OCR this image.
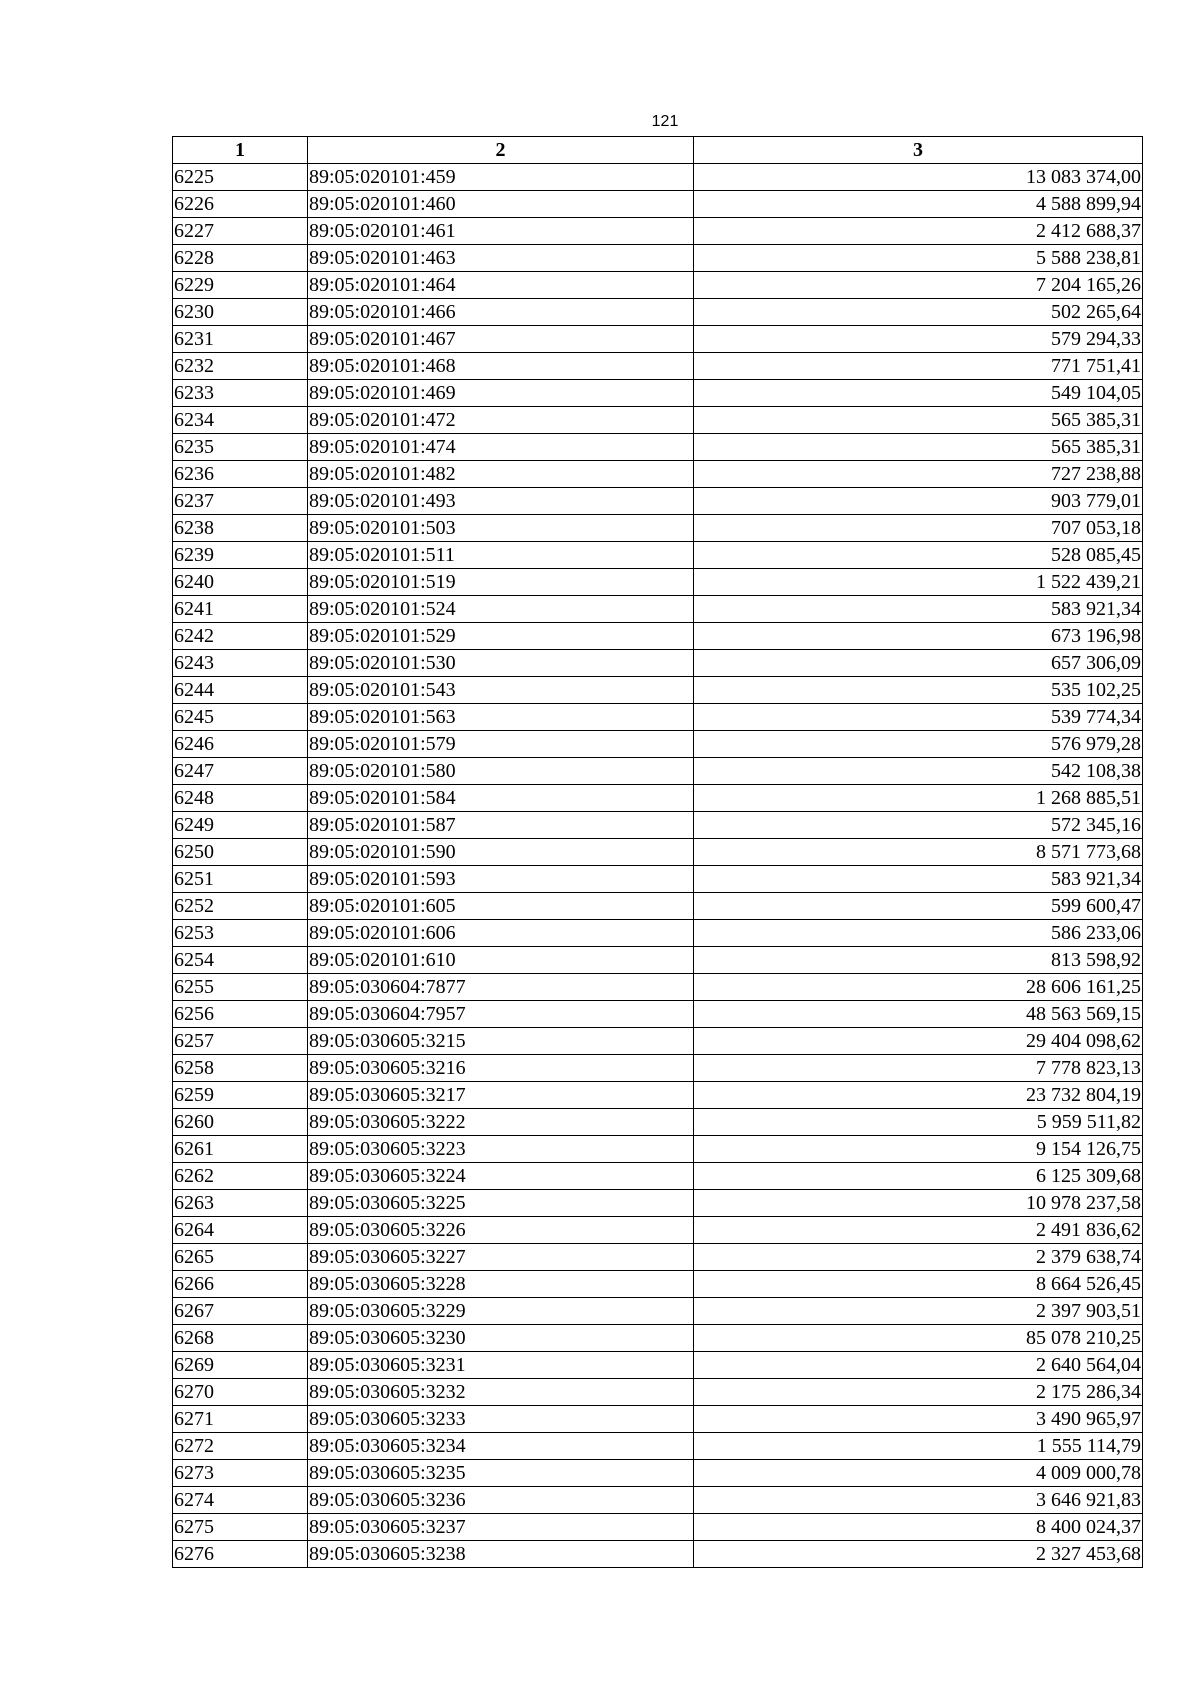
121
1	2	3
6225	89:05:020101:459	13 083 374,00
6226	89:05:020101:460	4 588 899,94
6227	89:05:020101:461	2 412 688,37
6228	89:05:020101:463	5 588 238,81
6229	89:05:020101:464	7 204 165,26
6230	89:05:020101:466	502 265,64
6231	89:05:020101:467	579 294,33
6232	89:05:020101:468	771 751,41
6233	89:05:020101:469	549 104,05
6234	89:05:020101:472	565 385,31
6235	89:05:020101:474	565 385,31
6236	89:05:020101:482	727 238,88
6237	89:05:020101:493	903 779,01
6238	89:05:020101:503	707 053,18
6239	89:05:020101:511	528 085,45
6240	89:05:020101:519	1 522 439,21
6241	89:05:020101:524	583 921,34
6242	89:05:020101:529	673 196,98
6243	89:05:020101:530	657 306,09
6244	89:05:020101:543	535 102,25
6245	89:05:020101:563	539 774,34
6246	89:05:020101:579	576 979,28
6247	89:05:020101:580	542 108,38
6248	89:05:020101:584	1 268 885,51
6249	89:05:020101:587	572 345,16
6250	89:05:020101:590	8 571 773,68
6251	89:05:020101:593	583 921,34
6252	89:05:020101:605	599 600,47
6253	89:05:020101:606	586 233,06
6254	89:05:020101:610	813 598,92
6255	89:05:030604:7877	28 606 161,25
6256	89:05:030604:7957	48 563 569,15
6257	89:05:030605:3215	29 404 098,62
6258	89:05:030605:3216	7 778 823,13
6259	89:05:030605:3217	23 732 804,19
6260	89:05:030605:3222	5 959 511,82
6261	89:05:030605:3223	9 154 126,75
6262	89:05:030605:3224	6 125 309,68
6263	89:05:030605:3225	10 978 237,58
6264	89:05:030605:3226	2 491 836,62
6265	89:05:030605:3227	2 379 638,74
6266	89:05:030605:3228	8 664 526,45
6267	89:05:030605:3229	2 397 903,51
6268	89:05:030605:3230	85 078 210,25
6269	89:05:030605:3231	2 640 564,04
6270	89:05:030605:3232	2 175 286,34
6271	89:05:030605:3233	3 490 965,97
6272	89:05:030605:3234	1 555 114,79
6273	89:05:030605:3235	4 009 000,78
6274	89:05:030605:3236	3 646 921,83
6275	89:05:030605:3237	8 400 024,37
6276	89:05:030605:3238	2 327 453,68
